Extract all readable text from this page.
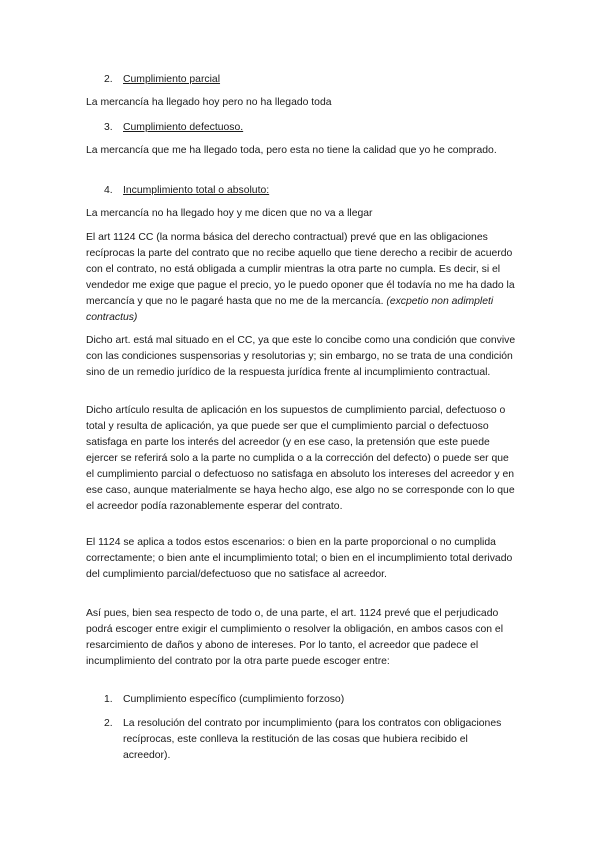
2. Cumplimiento parcial

La mercancía ha llegado hoy pero no ha llegado toda

3. Cumplimiento defectuoso.

La mercancía que me ha llegado toda, pero esta no tiene la calidad que yo he comprado.

4. Incumplimiento total o absoluto:

La mercancía no ha llegado hoy y me dicen que no va a llegar

El art 1124 CC (la norma básica del derecho contractual) prevé que en las obligaciones recíprocas la parte del contrato que no recibe aquello que tiene derecho a recibir de acuerdo con el contrato, no está obligada a cumplir mientras la otra parte no cumpla. Es decir, si el vendedor me exige que pague el precio, yo le puedo oponer que él todavía no me ha dado la mercancía y que no le pagaré hasta que no me de la mercancía. (excpetio non adimpleti contractus)

Dicho art. está mal situado en el CC, ya que este lo concibe como una condición que convive con las condiciones suspensorias y resolutorias y; sin embargo, no se trata de una condición sino de un remedio jurídico de la respuesta jurídica frente al incumplimiento contractual.

Dicho artículo resulta de aplicación en los supuestos de cumplimiento parcial, defectuoso o total y resulta de aplicación, ya que puede ser que el cumplimiento parcial o defectuoso satisfaga en parte los interés del acreedor (y en ese caso, la pretensión que este puede ejercer se referirá solo a la parte no cumplida o a la corrección del defecto) o puede ser que el cumplimiento parcial o defectuoso no satisfaga en absoluto los intereses del acreedor y en ese caso, aunque materialmente se haya hecho algo, ese algo no se corresponde con lo que el acreedor podía razonablemente esperar del contrato.

El 1124 se aplica a todos estos escenarios: o bien en la parte proporcional o no cumplida correctamente; o bien ante el incumplimiento total; o bien en el incumplimiento total derivado del cumplimiento parcial/defectuoso que no satisface al acreedor.

Así pues, bien sea respecto de todo o, de una parte, el art. 1124 prevé que el perjudicado podrá escoger entre exigir el cumplimiento o resolver la obligación, en ambos casos con el resarcimiento de daños y abono de intereses. Por lo tanto, el acreedor que padece el incumplimiento del contrato por la otra parte puede escoger entre:

1. Cumplimiento específico (cumplimiento forzoso)
2. La resolución del contrato por incumplimiento (para los contratos con obligaciones recíprocas, este conlleva la restitución de las cosas que hubiera recibido el acreedor).
